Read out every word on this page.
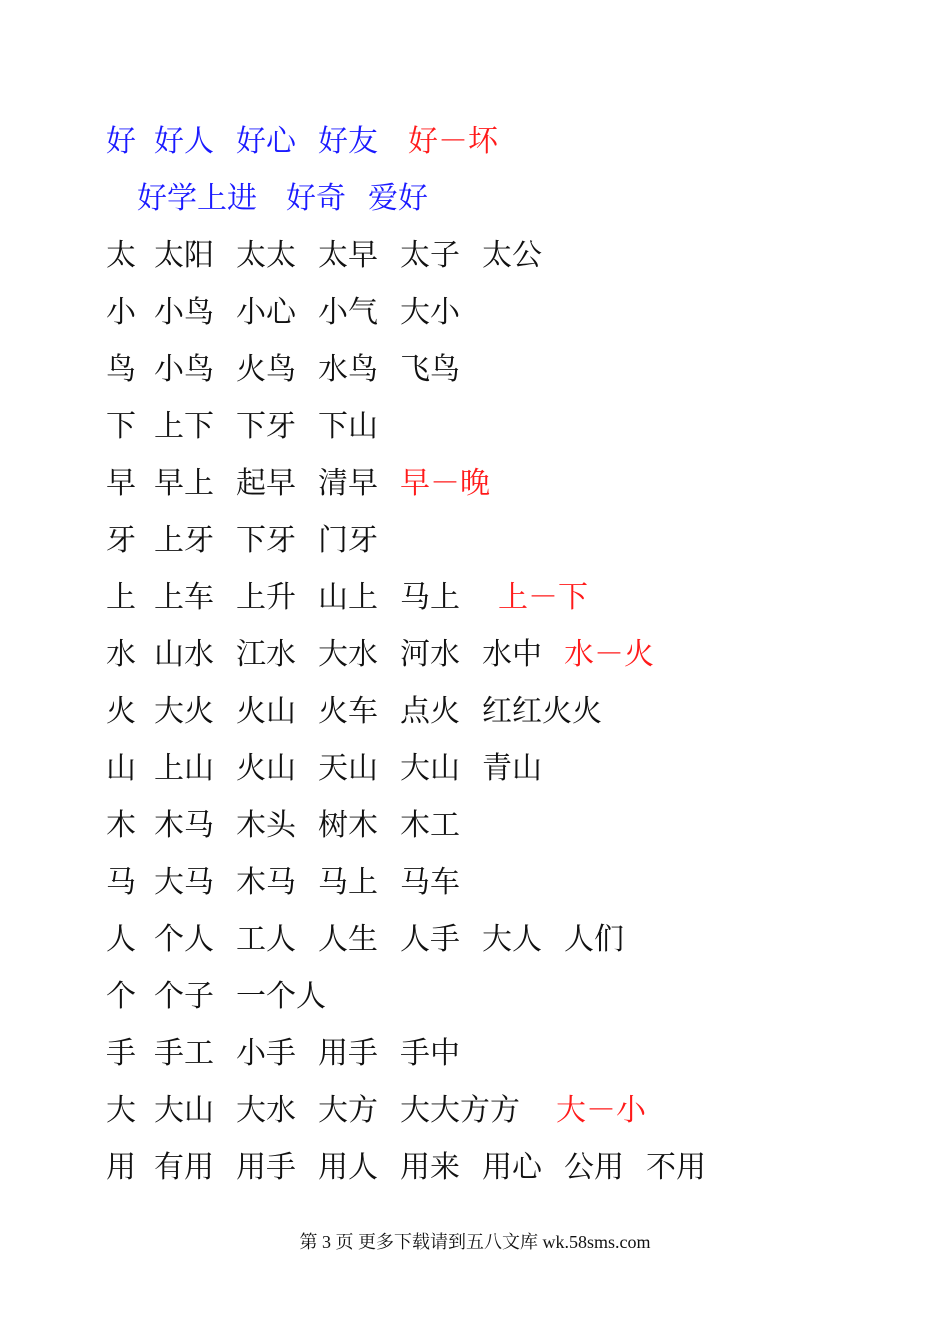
好 好人 好心 好友 好－坏
好学上进 好奇 爱好
太 太阳 太太 太早 太子 太公
小 小鸟 小心 小气 大小
鸟 小鸟 火鸟 水鸟 飞鸟
下 上下 下牙 下山
早 早上 起早 清早 早－晚
牙 上牙 下牙 门牙
上 上车 上升 山上 马上 上－下
水 山水 江水 大水 河水 水中 水－火
火 大火 火山 火车 点火 红红火火
山 上山 火山 天山 大山 青山
木 木马 木头 树木 木工
马 大马 木马 马上 马车
人 个人 工人 人生 人手 大人 人们
个 个子 一个人
手 手工 小手 用手 手中
大 大山 大水 大方 大大方方 大－小
用 有用 用手 用人 用来 用心 公用 不用
第 3 页 更多下载请到五八文库 wk.58sms.com
